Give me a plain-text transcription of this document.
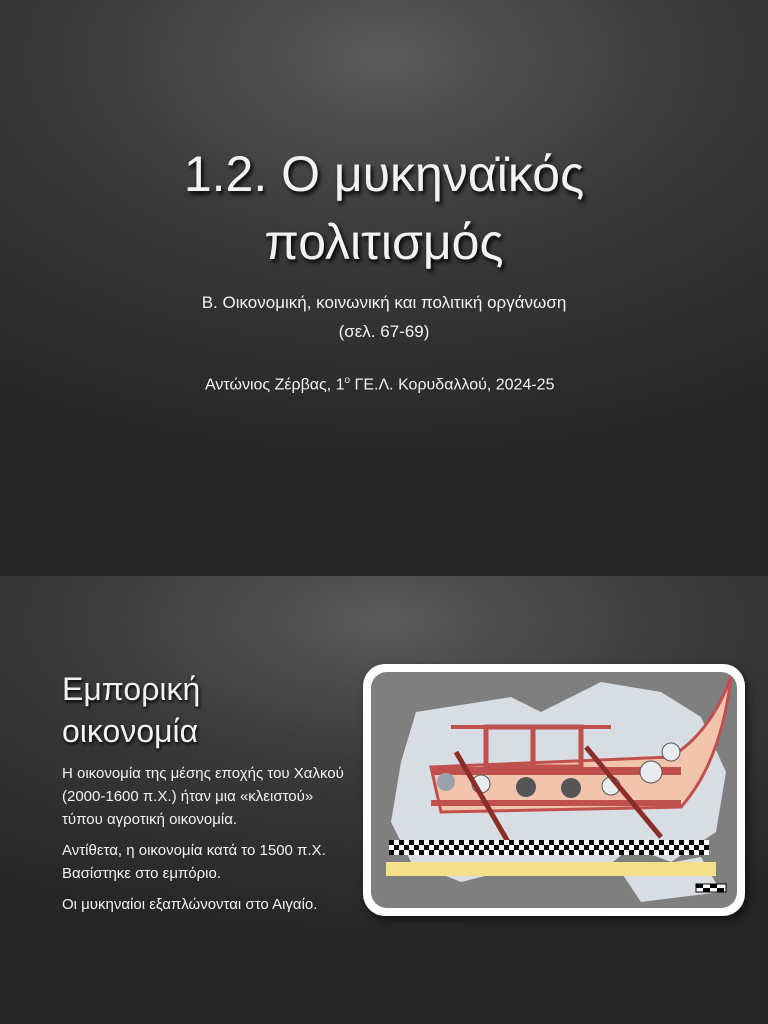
1.2. Ο μυκηναϊκός
πολιτισμός
Β. Οικονομική, κοινωνική και πολιτική οργάνωση
(σελ. 67-69)
Αντώνιος Ζέρβας, $1^o$ ΓΕ.Λ. Κορυδαλλού, 2024-25
Εμπορική
οικονομία

Η οικονομία της μέσης εποχής του Χαλκού (2000-1600 π.Χ.) ήταν μια «κλειστού» τύπου αγροτική οικονομία.

Αντίθετα, η οικονομία κατά το 1500 π.Χ. Βασίστηκε στο εμπόριο.

Οι μυκηναίοι εξαπλώνονται στο Αιγαίο.
